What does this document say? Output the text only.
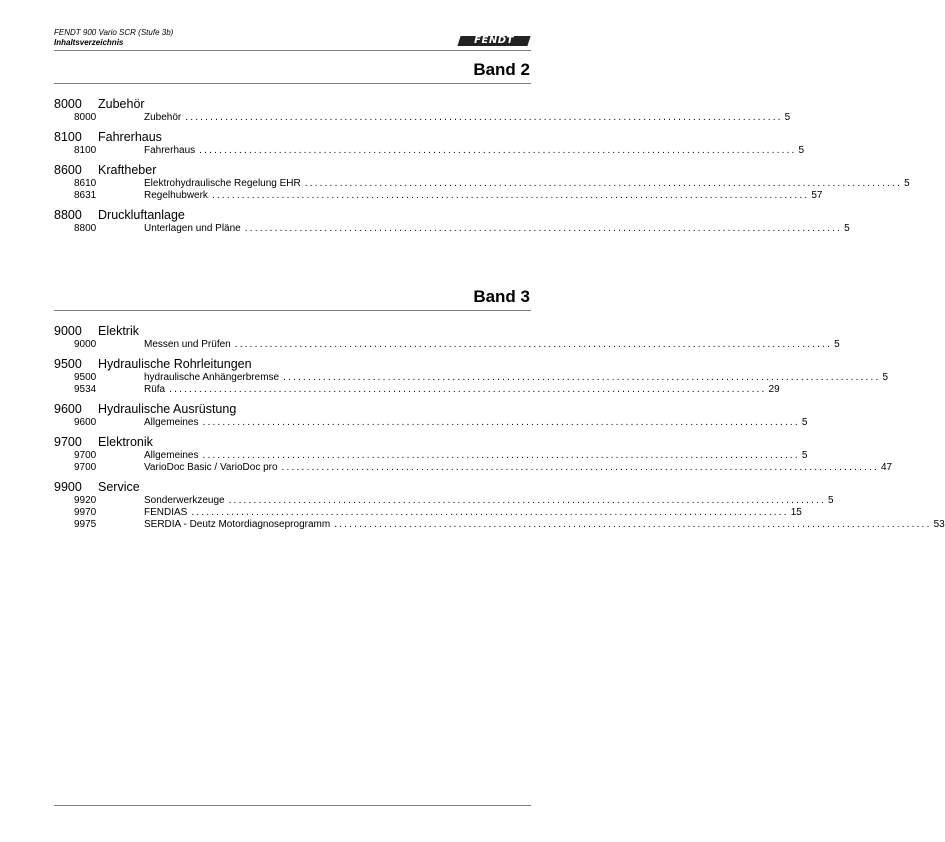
FENDT 900 Vario SCR (Stufe 3b)
Inhaltsverzeichnis	FENDT
Band 2
8000	Zubehör
8000	Zubehör ........................................................................................................................ 5
8100	Fahrerhaus
8100	Fahrerhaus ........................................................................................................................ 5
8600	Kraftheber
8610	Elektrohydraulische Regelung EHR ........................................................................................................................ 5
8631	Regelhubwerk ........................................................................................................................ 57
8800	Druckluftanlage
8800	Unterlagen und Pläne ........................................................................................................................ 5
Band 3
9000	Elektrik
9000	Messen und Prüfen ........................................................................................................................ 5
9500	Hydraulische Rohrleitungen
9500	hydraulische Anhängerbremse ........................................................................................................................ 5
9534	Rüfa ........................................................................................................................ 29
9600	Hydraulische Ausrüstung
9600	Allgemeines ........................................................................................................................ 5
9700	Elektronik
9700	Allgemeines ........................................................................................................................ 5
9700	VarioDoc Basic / VarioDoc pro ........................................................................................................................ 47
9900	Service
9920	Sonderwerkzeuge ........................................................................................................................ 5
9970	FENDIAS ........................................................................................................................ 15
9975	SERDIA - Deutz Motordiagnoseprogramm ........................................................................................................................ 53
